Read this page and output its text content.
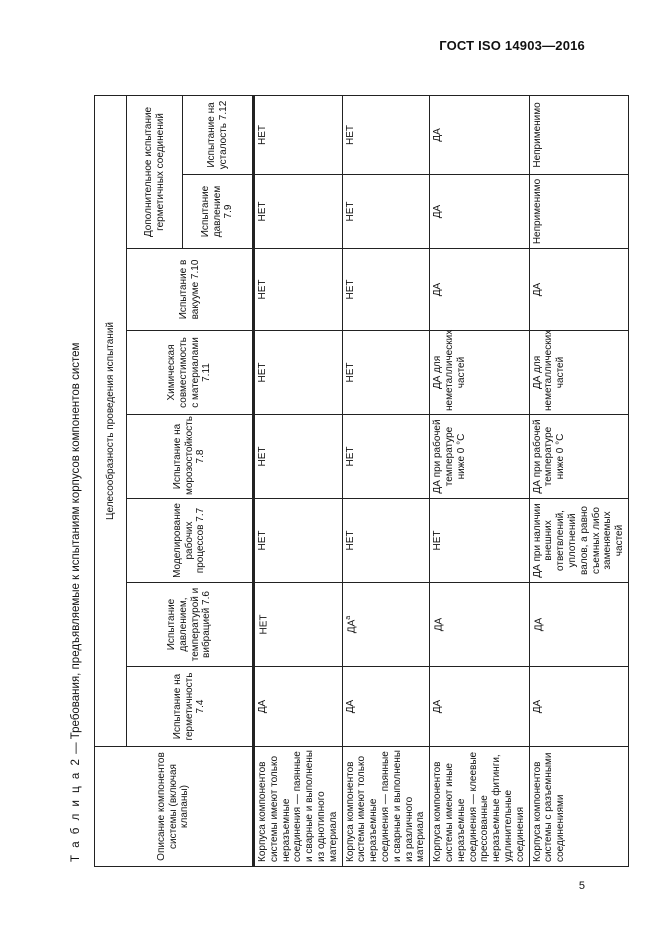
ГОСТ ISO 14903—2016
Т а б л и ц а 2 — Требования, предъявляемые к испытаниям корпусов компонентов систем
Описание компонентов системы (включая клапаны)	Целесообразность проведения испытаний							
	Испытание на герметичность 7.4	Испытание давлением, температурой и вибрацией 7.6	Моделирование рабочих процессов 7.7	Испытание на морозостойкость 7.8	Химическая совместимость с материалами 7.11	Испытание в вакууме 7.10	Дополнительное испытание герметичных соединений	
							Испытание давлением 7.9	Испытание на усталость 7.12

Корпуса компонентов системы имеют только неразъемные соединения — паянные и сварные и выполнены из однотипного материала	ДА	НЕТ	НЕТ	НЕТ	НЕТ	НЕТ	НЕТ	НЕТ
Корпуса компонентов системы имеют только неразъемные соединения — паянные и сварные и выполнены из различного материала	ДА	$ДА^a$	НЕТ	НЕТ	НЕТ	НЕТ	НЕТ	НЕТ
Корпуса компонентов системы имеют иные неразъемные соединения — клеевые прессованные неразъемные фитинги, удлинительные соединения	ДА	ДА	НЕТ	ДА при рабочей температуре ниже 0 °С	ДА для неметаллических частей	ДА	ДА	ДА
Корпуса компонентов системы с разъемными соединениями	ДА	ДА	ДА при наличии внешних ответвлений, уплотнений валов, а равно съемных либо заменяемых частей	ДА при рабочей температуре ниже 0 °С	ДА для неметаллических частей	ДА	Неприменимо	Неприменимо
5
